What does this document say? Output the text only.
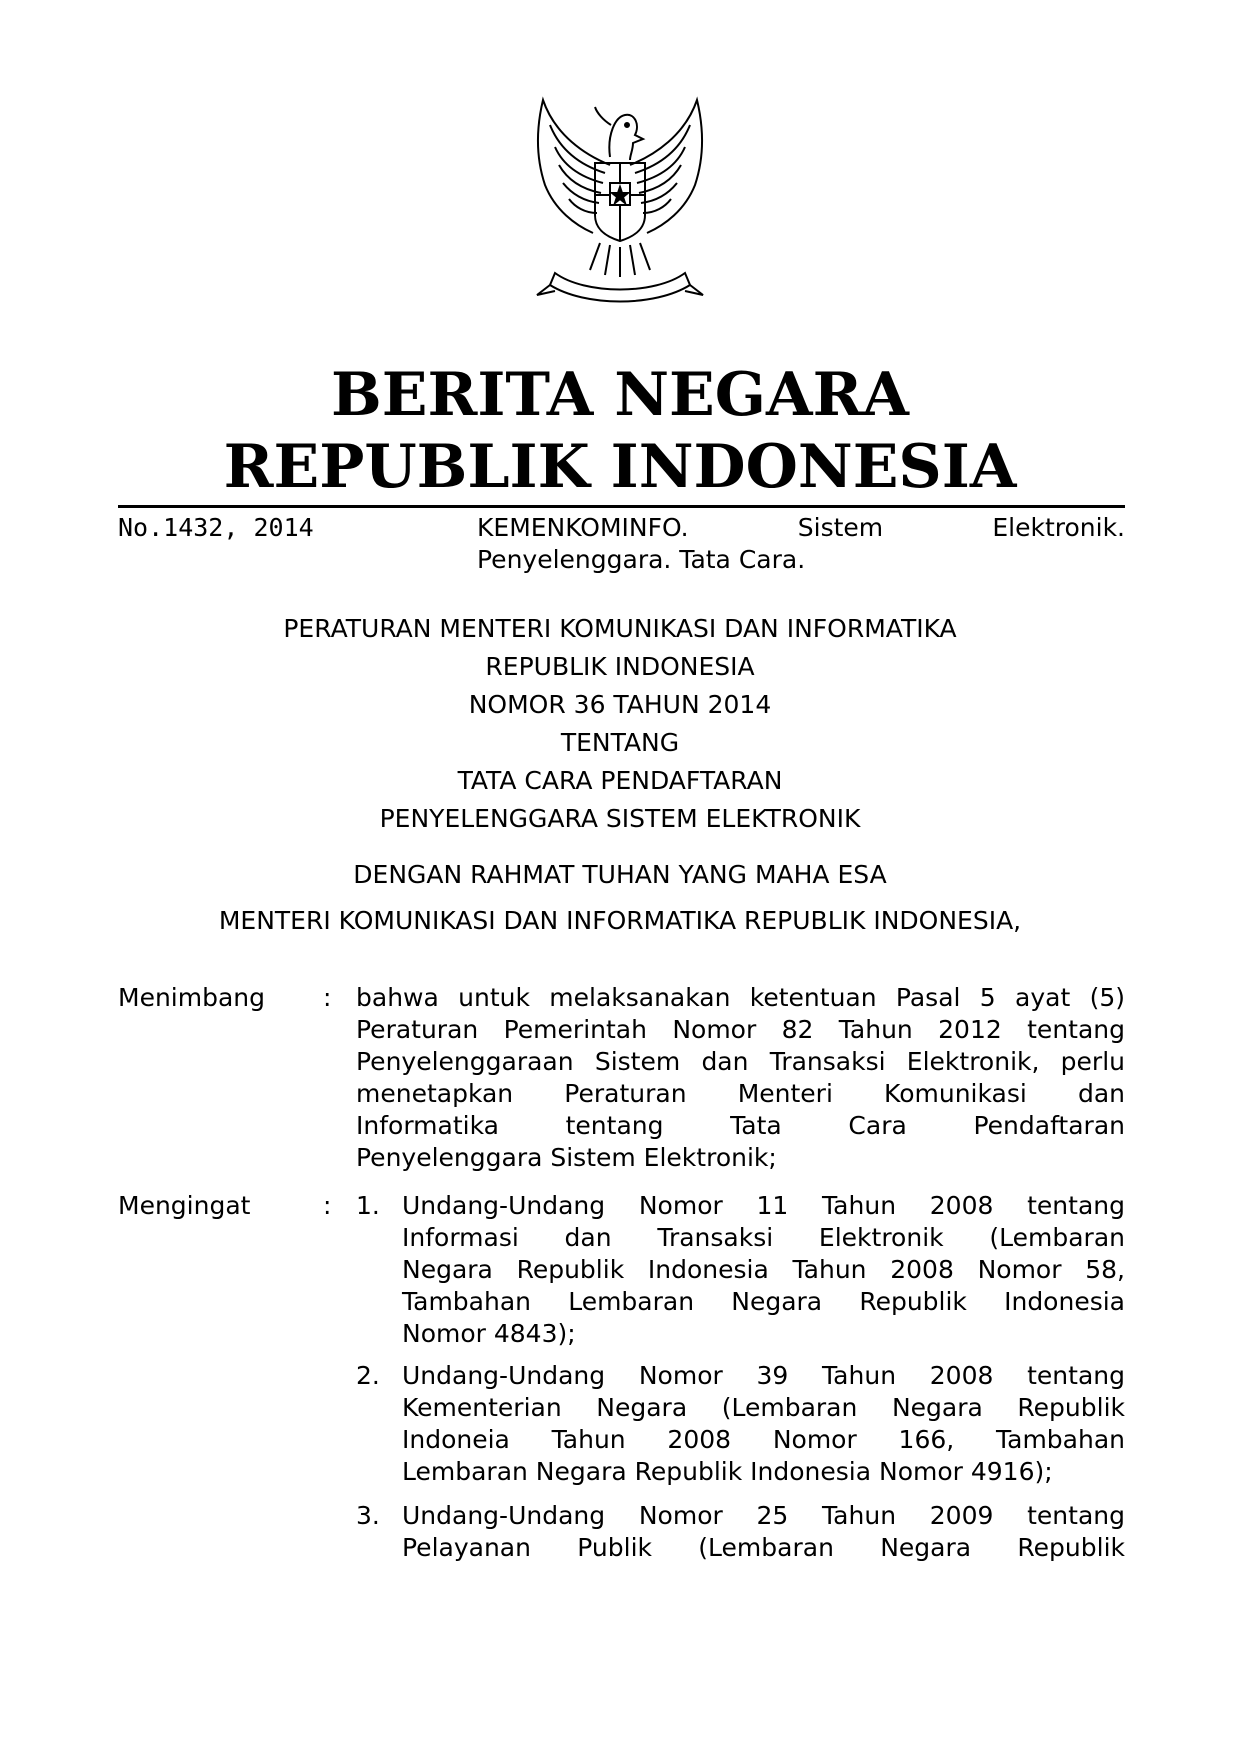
BERITA NEGARA
REPUBLIK INDONESIA
No.1432, 2014	KEMENKOMINFO. Sistem Elektronik.
Penyelenggara. Tata Cara.
PERATURAN MENTERI KOMUNIKASI DAN INFORMATIKA
REPUBLIK INDONESIA
NOMOR 36 TAHUN 2014
TENTANG
TATA CARA PENDAFTARAN
PENYELENGGARA SISTEM ELEKTRONIK
DENGAN RAHMAT TUHAN YANG MAHA ESA
MENTERI KOMUNIKASI DAN INFORMATIKA REPUBLIK INDONESIA,
Menimbang : bahwa untuk melaksanakan ketentuan Pasal 5 ayat (5)
Peraturan Pemerintah Nomor 82 Tahun 2012 tentang
Penyelenggaraan Sistem dan Transaksi Elektronik, perlu
menetapkan Peraturan Menteri Komunikasi dan
Informatika tentang Tata Cara Pendaftaran
Penyelenggara Sistem Elektronik;
Mengingat	: 1. Undang-Undang Nomor 11 Tahun 2008 tentang
Informasi dan Transaksi Elektronik (Lembaran
Negara Republik Indonesia Tahun 2008 Nomor 58,
Tambahan Lembaran Negara Republik Indonesia
Nomor 4843);
2. Undang-Undang Nomor 39 Tahun 2008 tentang
Kementerian Negara (Lembaran Negara Republik
Indoneia Tahun 2008 Nomor 166, Tambahan
Lembaran Negara Republik Indonesia Nomor 4916);
3. Undang-Undang Nomor 25 Tahun 2009 tentang
Pelayanan Publik (Lembaran Negara Republik
